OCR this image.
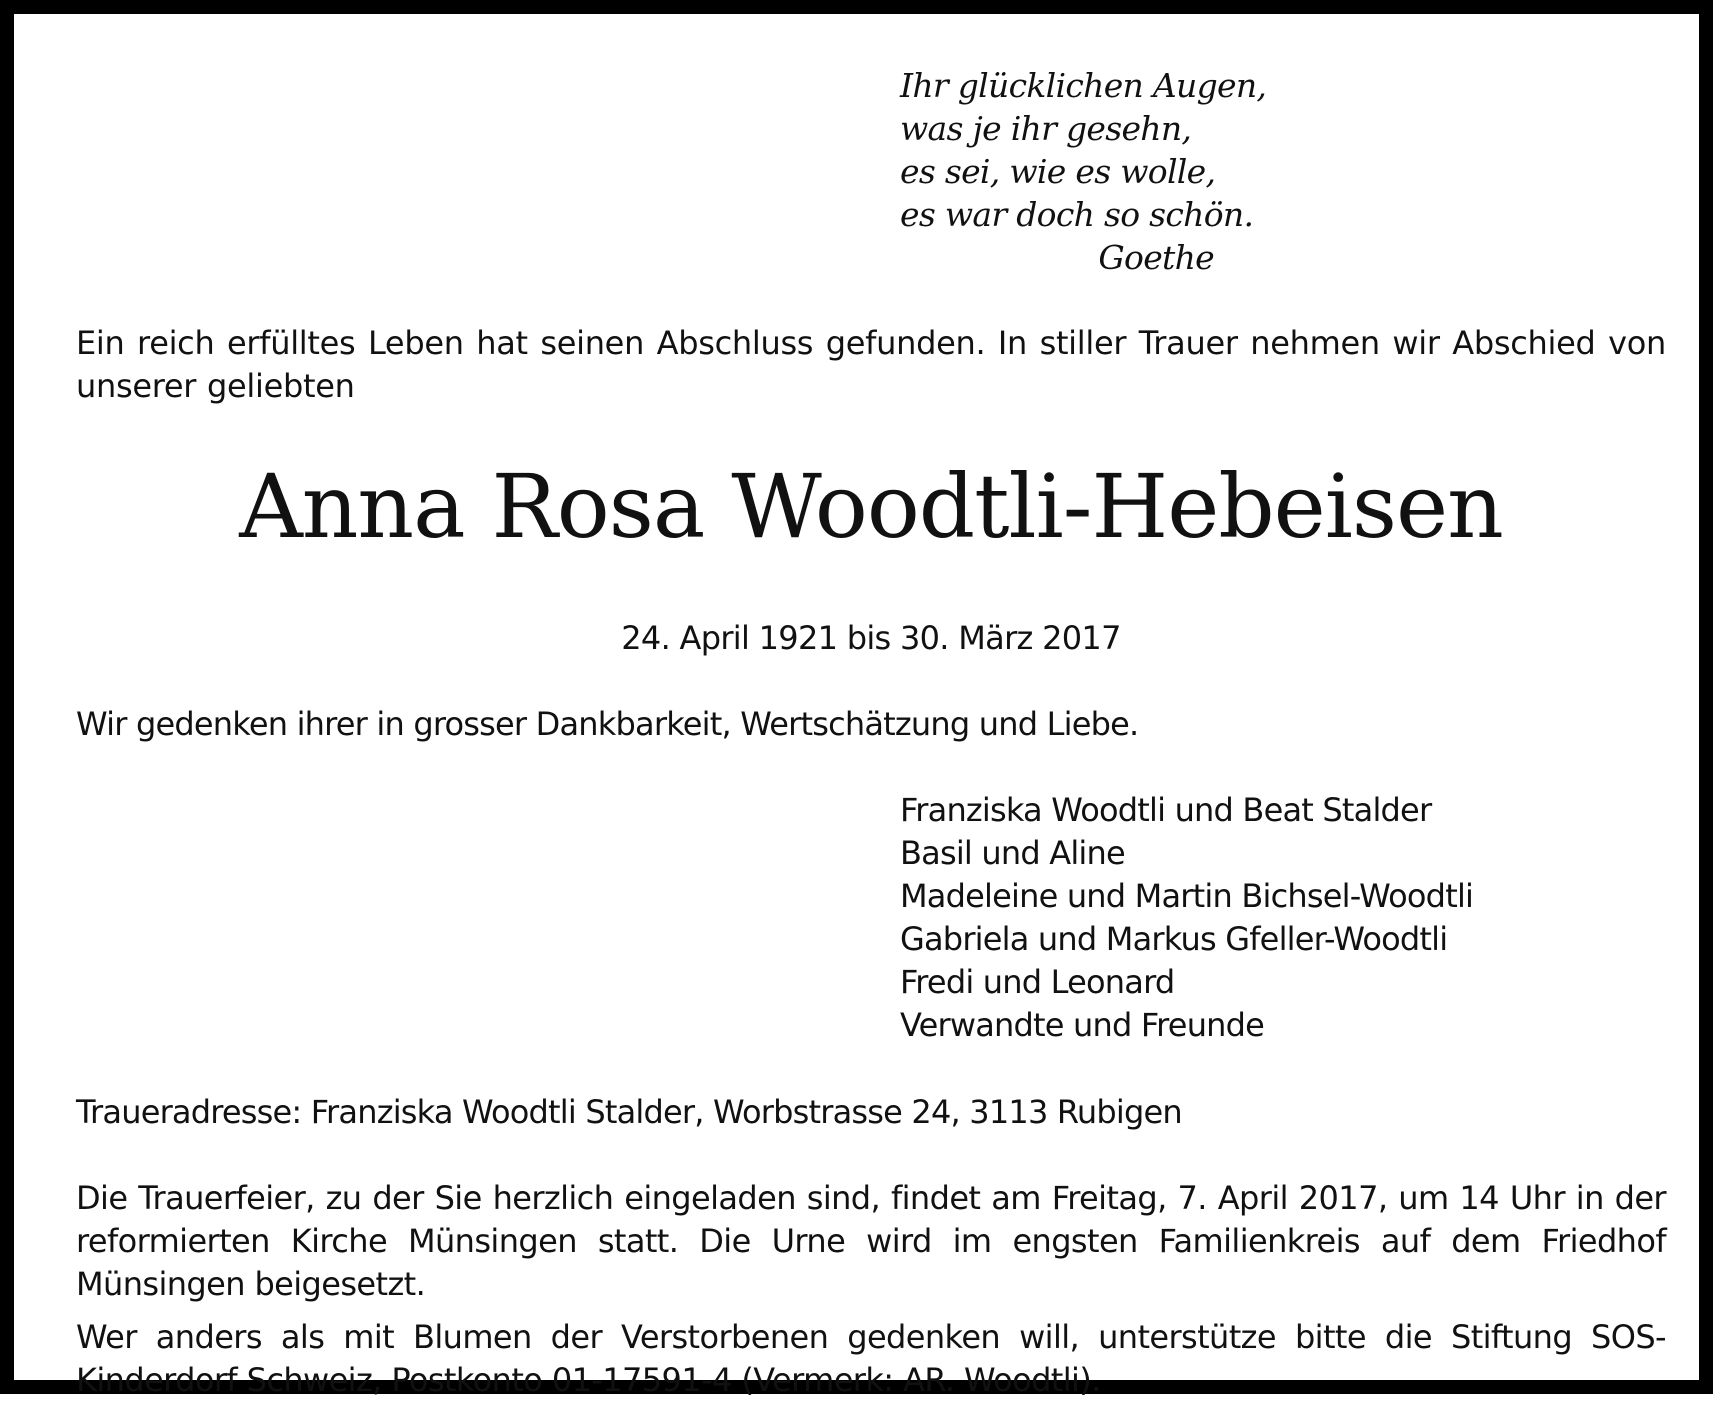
Ihr glücklichen Augen,
was je ihr gesehn,
es sei, wie es wolle,
es war doch so schön.
Goethe
Ein reich erfülltes Leben hat seinen Abschluss gefunden. In stiller Trauer nehmen wir Abschied von unserer geliebten
Anna Rosa Woodtli-Hebeisen
24. April 1921 bis 30. März 2017
Wir gedenken ihrer in grosser Dankbarkeit, Wertschätzung und Liebe.
Franziska Woodtli und Beat Stalder
Basil und Aline
Madeleine und Martin Bichsel-Woodtli
Gabriela und Markus Gfeller-Woodtli
Fredi und Leonard
Verwandte und Freunde
Traueradresse: Franziska Woodtli Stalder, Worbstrasse 24, 3113 Rubigen
Die Trauerfeier, zu der Sie herzlich eingeladen sind, findet am Freitag, 7. April 2017, um 14 Uhr in der reformierten Kirche Münsingen statt. Die Urne wird im engsten Familienkreis auf dem Friedhof Münsingen beigesetzt.
Wer anders als mit Blumen der Verstorbenen gedenken will, unterstütze bitte die Stiftung SOS-Kinderdorf Schweiz, Postkonto 01-17591-4 (Vermerk: AR. Woodtli).
